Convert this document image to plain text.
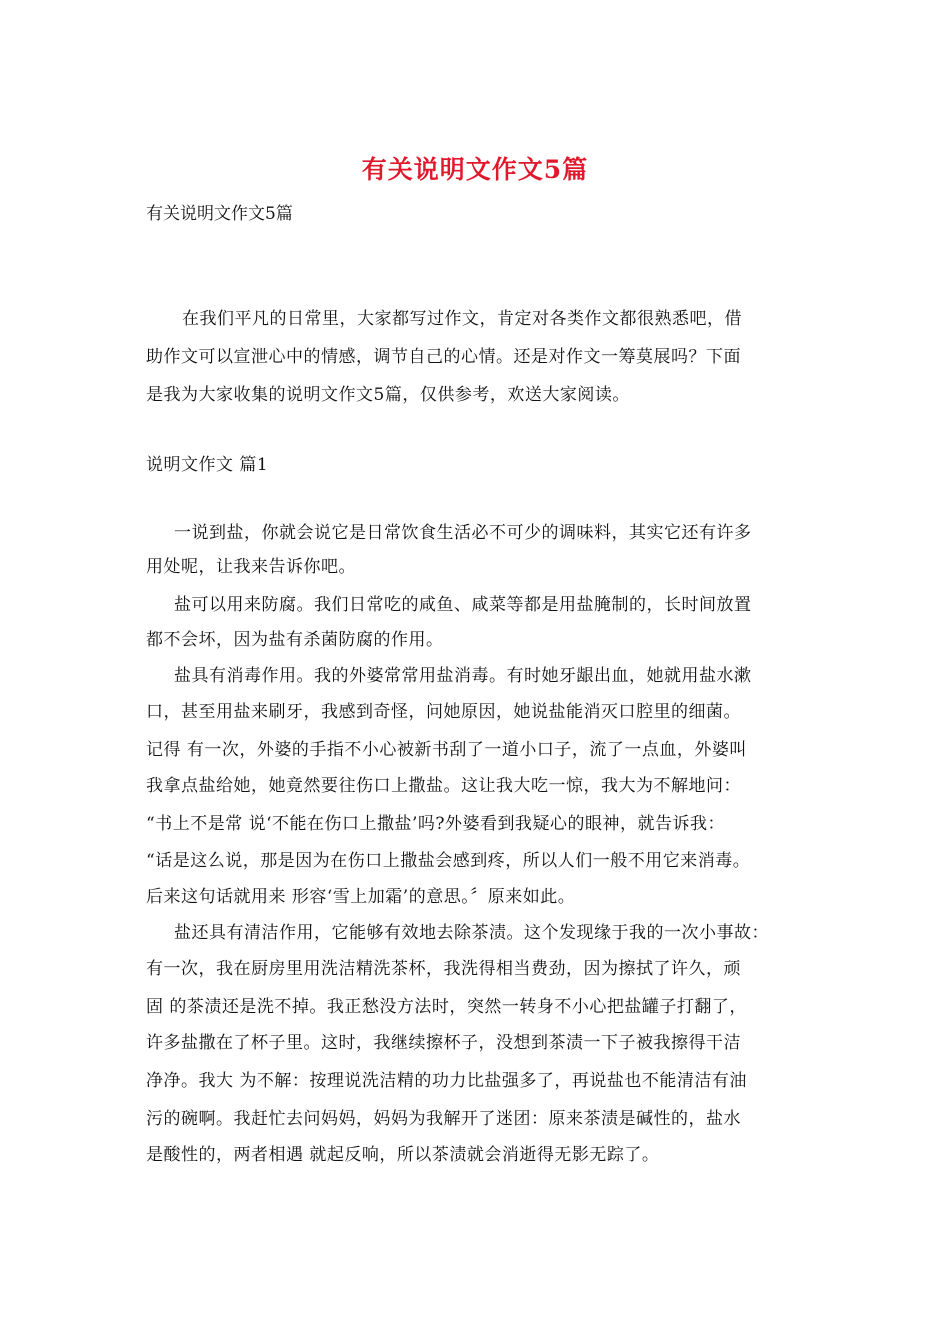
有关说明文作文5篇
有关说明文作文5篇
在我们平凡的日常里，大家都写过作文，肯定对各类作文都很熟悉吧，借
助作文可以宣泄心中的情感，调节自己的心情。还是对作文一筹莫展吗？下面
是我为大家收集的说明文作文5篇，仅供参考，欢送大家阅读。
说明文作文 篇1
一说到盐，你就会说它是日常饮食生活必不可少的调味料，其实它还有许多
用处呢，让我来告诉你吧。
盐可以用来防腐。我们日常吃的咸鱼、咸菜等都是用盐腌制的，长时间放置
都不会坏，因为盐有杀菌防腐的作用。
盐具有消毒作用。我的外婆常常用盐消毒。有时她牙龈出血，她就用盐水漱
口，甚至用盐来刷牙，我感到奇怪，问她原因，她说盐能消灭口腔里的细菌。
记得 有一次，外婆的手指不小心被新书刮了一道小口子，流了一点血，外婆叫
我拿点盐给她，她竟然要往伤口上撒盐。这让我大吃一惊，我大为不解地问：
“书上不是常 说‘不能在伤口上撒盐’吗?外婆看到我疑心的眼神，就告诉我：
“话是这么说，那是因为在伤口上撒盐会感到疼，所以人们一般不用它来消毒。
后来这句话就用来 形容‘雪上加霜’的意思。〞原来如此。
盐还具有清洁作用，它能够有效地去除茶渍。这个发现缘于我的一次小事故：
有一次，我在厨房里用洗洁精洗茶杯，我洗得相当费劲，因为擦拭了许久，顽
固 的茶渍还是洗不掉。我正愁没方法时，突然一转身不小心把盐罐子打翻了，
许多盐撒在了杯子里。这时，我继续擦杯子，没想到茶渍一下子被我擦得干洁
净净。我大 为不解：按理说洗洁精的功力比盐强多了，再说盐也不能清洁有油
污的碗啊。我赶忙去问妈妈，妈妈为我解开了迷团：原来茶渍是碱性的，盐水
是酸性的，两者相遇 就起反响，所以茶渍就会消逝得无影无踪了。
